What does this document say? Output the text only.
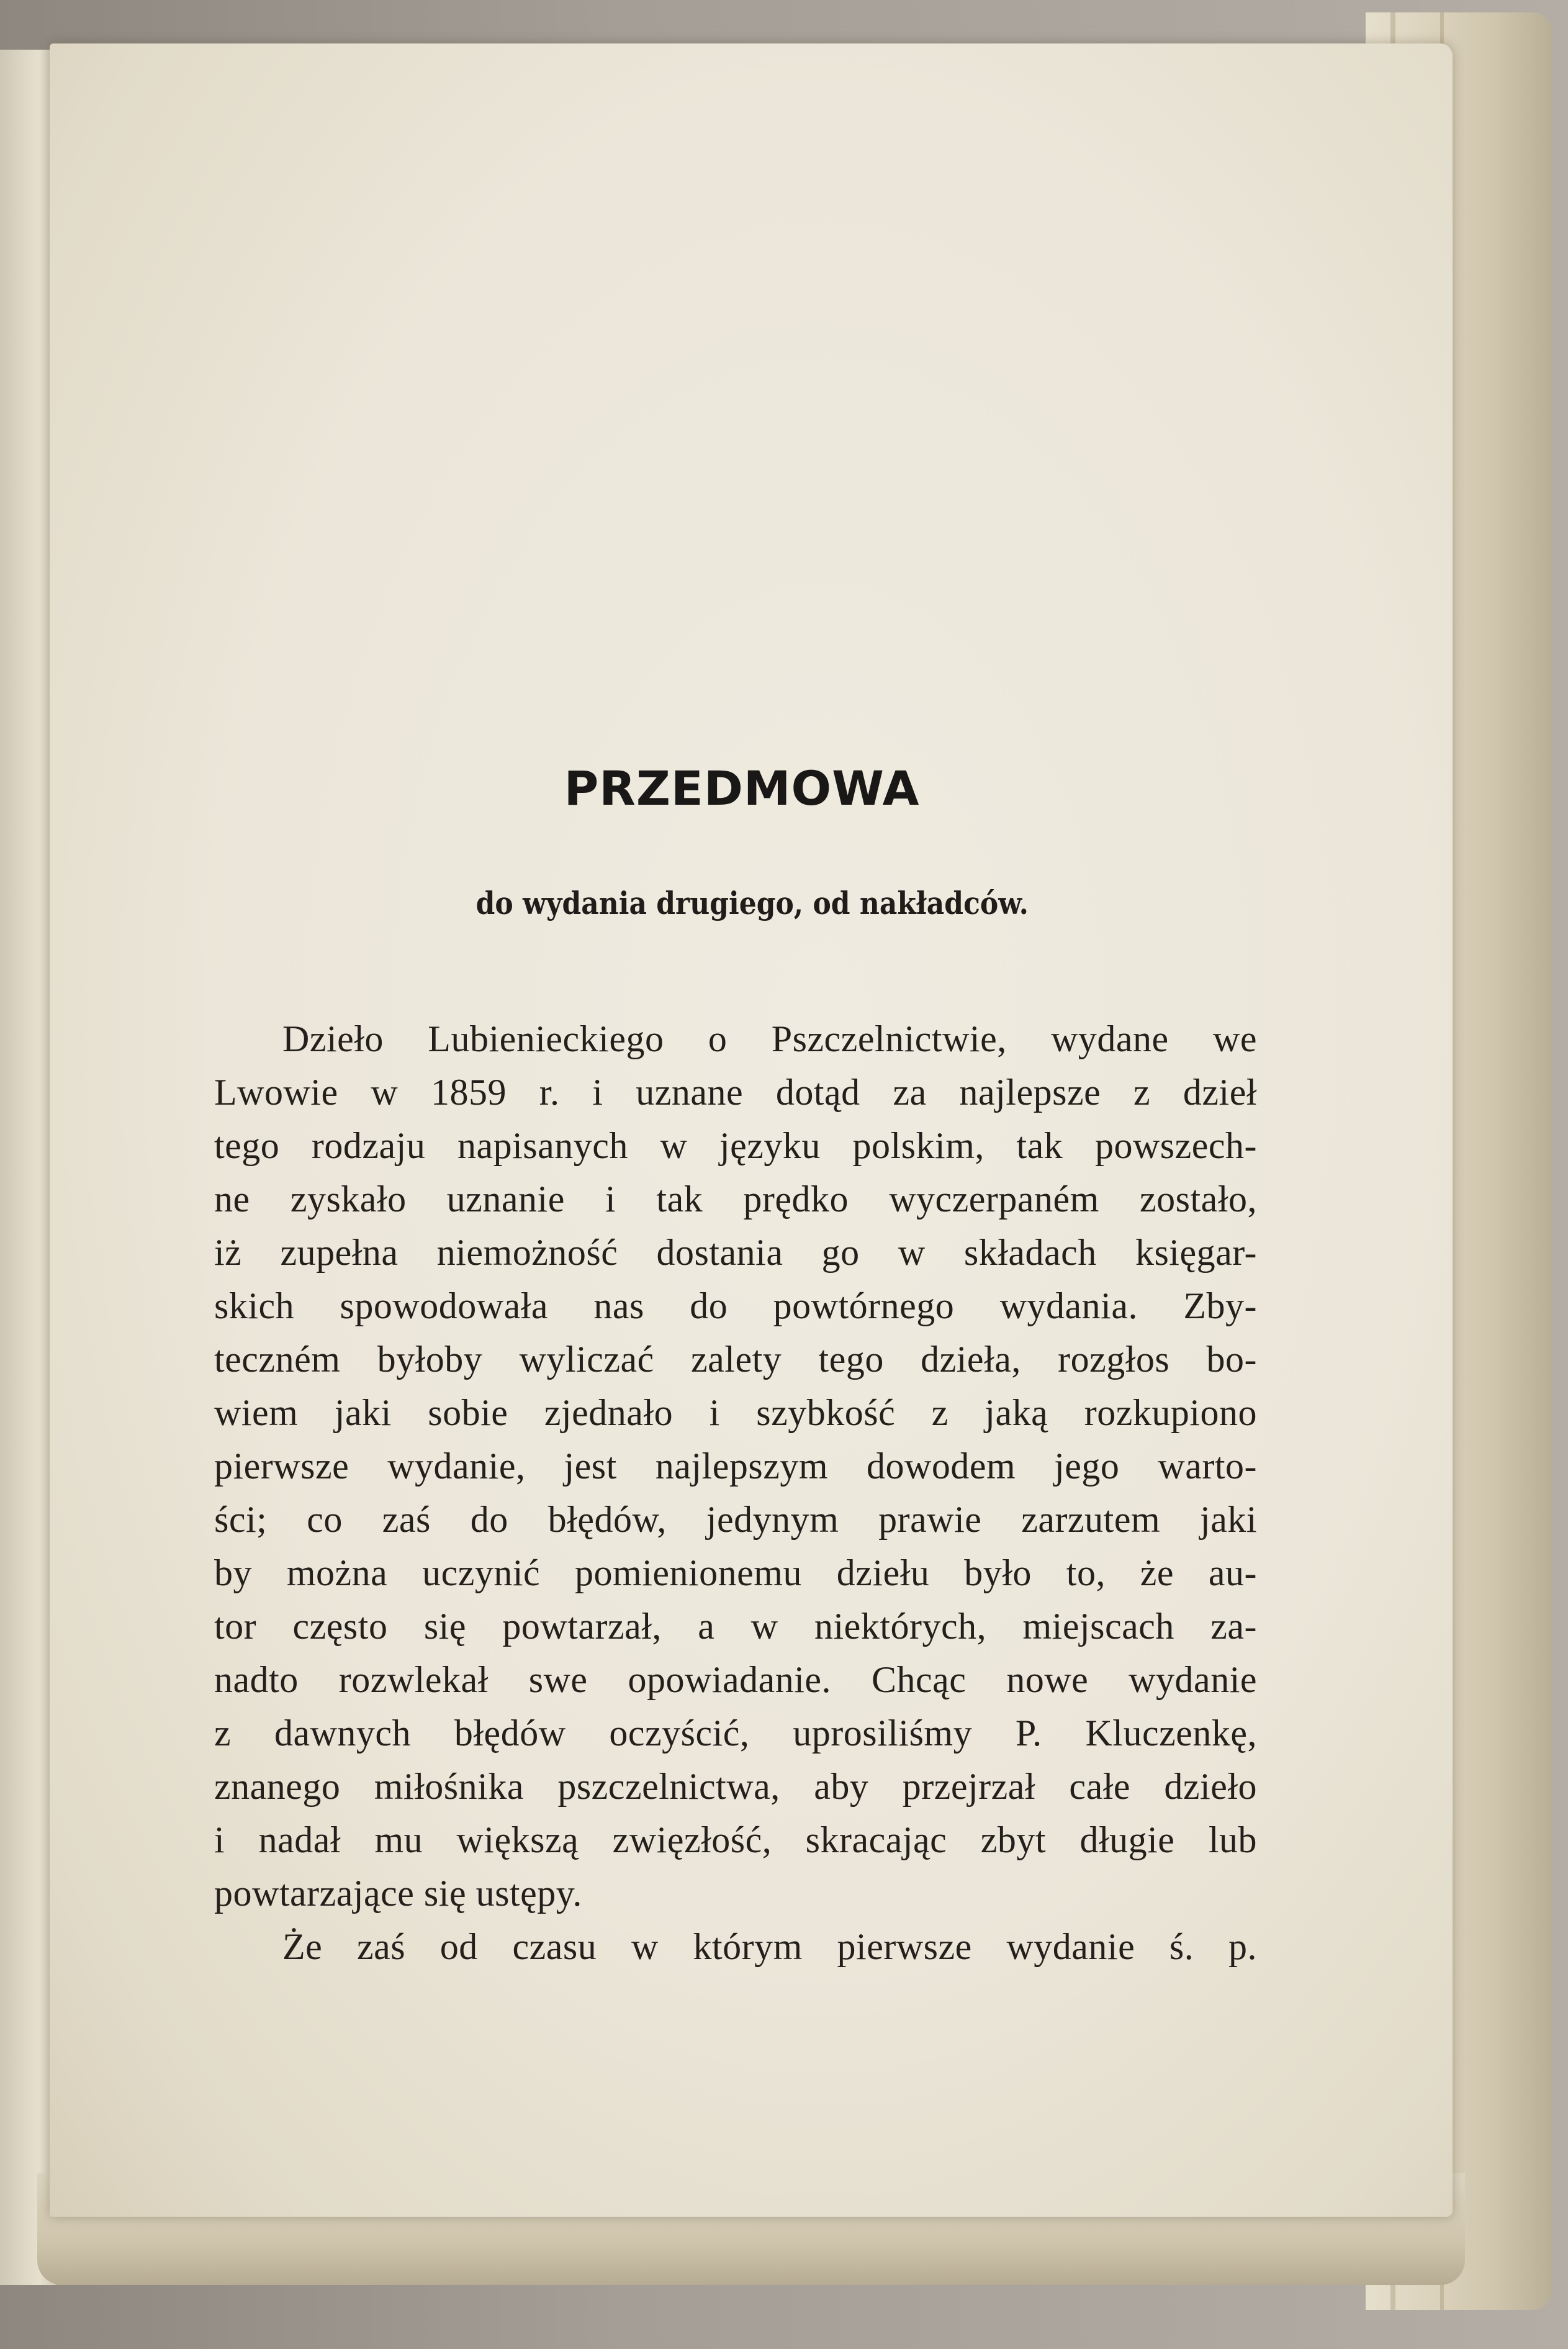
PRZEDMOWA
do wydania drugiego, od nakładców.
Dzieło Lubienieckiego o Pszczelnictwie, wydane we
Lwowie w 1859 r. i uznane dotąd za najlepsze z dzieł
tego rodzaju napisanych w języku polskim, tak powszech-
ne zyskało uznanie i tak prędko wyczerpaném zostało,
iż zupełna niemożność dostania go w składach księgar-
skich spowodowała nas do powtórnego wydania. Zby-
teczném byłoby wyliczać zalety tego dzieła, rozgłos bo-
wiem jaki sobie zjednało i szybkość z jaką rozkupiono
pierwsze wydanie, jest najlepszym dowodem jego warto-
ści; co zaś do błędów, jedynym prawie zarzutem jaki
by można uczynić pomienionemu dziełu było to, że au-
tor często się powtarzał, a w niektórych, miejscach za-
nadto rozwlekał swe opowiadanie. Chcąc nowe wydanie
z dawnych błędów oczyścić, uprosiliśmy P. Kluczenkę,
znanego miłośnika pszczelnictwa, aby przejrzał całe dzieło
i nadał mu większą zwięzłość, skracając zbyt długie lub
powtarzające się ustępy.
Że zaś od czasu w którym pierwsze wydanie ś. p.
